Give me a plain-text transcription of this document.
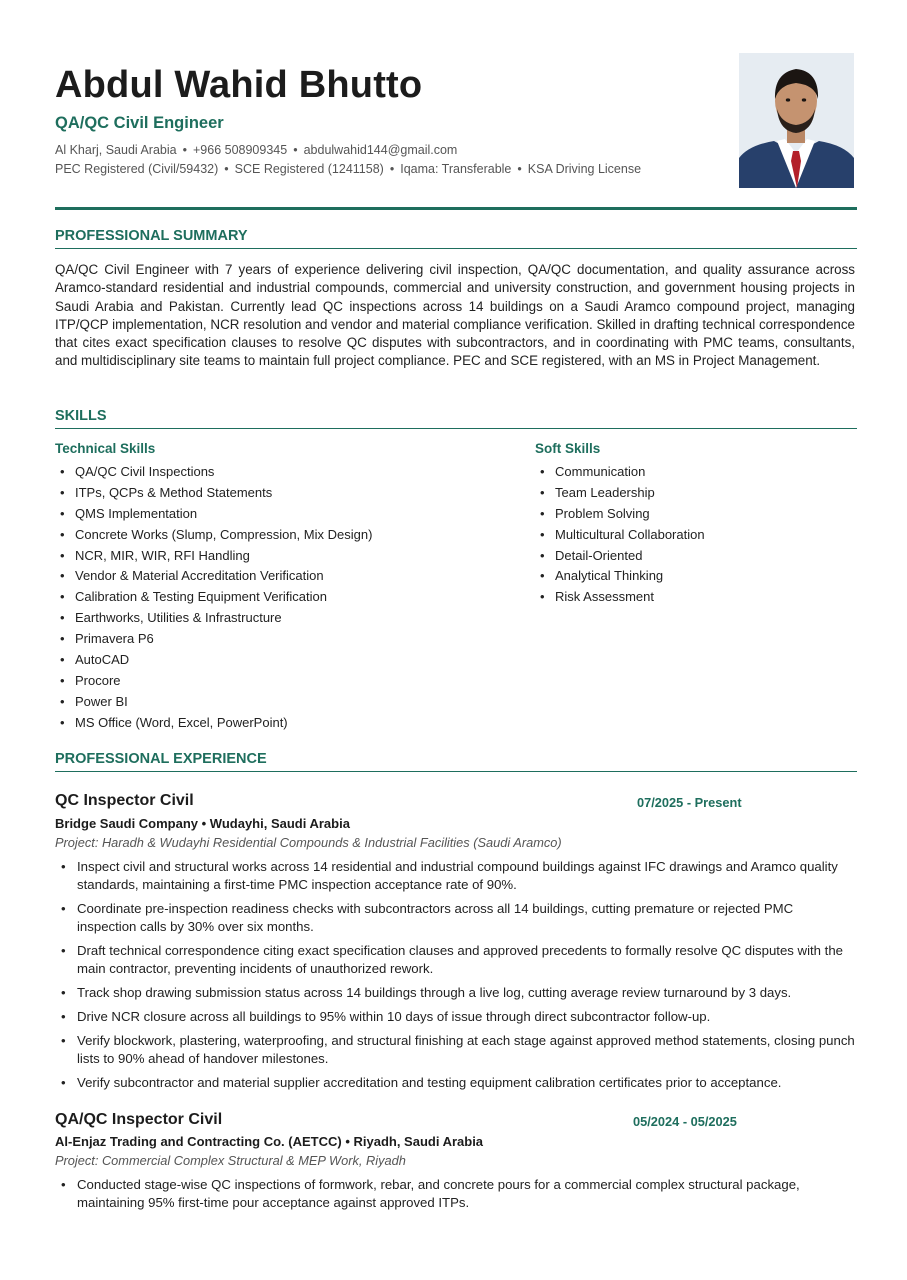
Abdul Wahid Bhutto
QA/QC Civil Engineer
Al Kharj, Saudi Arabia • +966 508909345 • abdulwahid144@gmail.com
PEC Registered (Civil/59432) • SCE Registered (1241158) • Iqama: Transferable • KSA Driving License
PROFESSIONAL SUMMARY
QA/QC Civil Engineer with 7 years of experience delivering civil inspection, QA/QC documentation, and quality assurance across Aramco-standard residential and industrial compounds, commercial and university construction, and government housing projects in Saudi Arabia and Pakistan. Currently lead QC inspections across 14 buildings on a Saudi Aramco compound project, managing ITP/QCP implementation, NCR resolution and vendor and material compliance verification. Skilled in drafting technical correspondence that cites exact specification clauses to resolve QC disputes with subcontractors, and in coordinating with PMC teams, consultants, and multidisciplinary site teams to maintain full project compliance. PEC and SCE registered, with an MS in Project Management.
SKILLS
Technical Skills
• QA/QC Civil Inspections
• ITPs, QCPs & Method Statements
• QMS Implementation
• Concrete Works (Slump, Compression, Mix Design)
• NCR, MIR, WIR, RFI Handling
• Vendor & Material Accreditation Verification
• Calibration & Testing Equipment Verification
• Earthworks, Utilities & Infrastructure
• Primavera P6
• AutoCAD
• Procore
• Power BI
• MS Office (Word, Excel, PowerPoint)
Soft Skills
• Communication
• Team Leadership
• Problem Solving
• Multicultural Collaboration
• Detail-Oriented
• Analytical Thinking
• Risk Assessment
PROFESSIONAL EXPERIENCE
QC Inspector Civil	07/2025 - Present
Bridge Saudi Company • Wudayhi, Saudi Arabia
Project: Haradh & Wudayhi Residential Compounds & Industrial Facilities (Saudi Aramco)
• Inspect civil and structural works across 14 residential and industrial compound buildings against IFC drawings and Aramco quality standards, maintaining a first-time PMC inspection acceptance rate of 90%.
• Coordinate pre-inspection readiness checks with subcontractors across all 14 buildings, cutting premature or rejected PMC inspection calls by 30% over six months.
• Draft technical correspondence citing exact specification clauses and approved precedents to formally resolve QC disputes with the main contractor, preventing incidents of unauthorized rework.
• Track shop drawing submission status across 14 buildings through a live log, cutting average review turnaround by 3 days.
• Drive NCR closure across all buildings to 95% within 10 days of issue through direct subcontractor follow-up.
• Verify blockwork, plastering, waterproofing, and structural finishing at each stage against approved method statements, closing punch lists to 90% ahead of handover milestones.
• Verify subcontractor and material supplier accreditation and testing equipment calibration certificates prior to acceptance.
QA/QC Inspector Civil	05/2024 - 05/2025
Al-Enjaz Trading and Contracting Co. (AETCC) • Riyadh, Saudi Arabia
Project: Commercial Complex Structural & MEP Work, Riyadh
• Conducted stage-wise QC inspections of formwork, rebar, and concrete pours for a commercial complex structural package, maintaining 95% first-time pour acceptance against approved ITPs.
